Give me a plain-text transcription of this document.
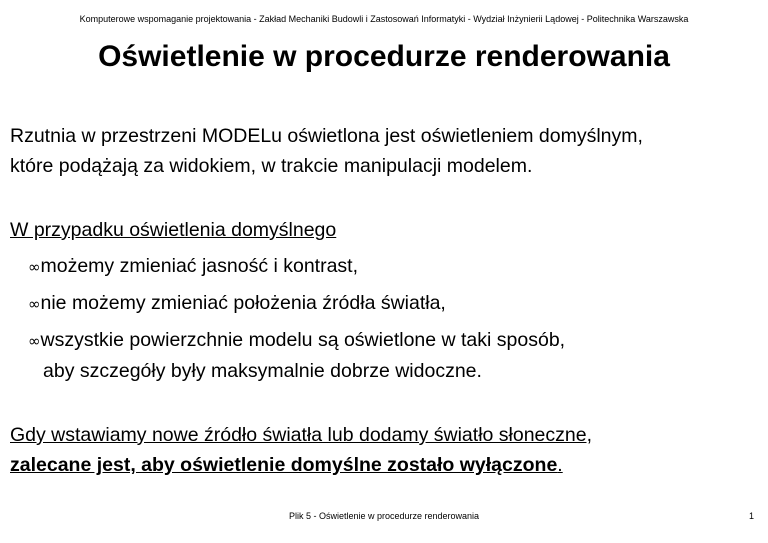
Komputerowe wspomaganie projektowania - Zakład Mechaniki Budowli i Zastosowań Informatyki - Wydział Inżynierii Lądowej - Politechnika Warszawska
Oświetlenie w procedurze renderowania
Rzutnia w przestrzeni MODELu oświetlona jest oświetleniem domyślnym,
które podążają za widokiem, w trakcie manipulacji modelem.
W przypadku oświetlenia domyślnego
∞możemy zmieniać jasność i kontrast,
∞nie możemy zmieniać położenia źródła światła,
∞wszystkie powierzchnie modelu są oświetlone w taki sposób,
aby szczegóły były maksymalnie dobrze widoczne.
Gdy wstawiamy nowe źródło światła lub dodamy światło słoneczne,
zalecane jest, aby oświetlenie domyślne zostało wyłączone.
Plik 5 - Oświetlenie w procedurze renderowania	1
